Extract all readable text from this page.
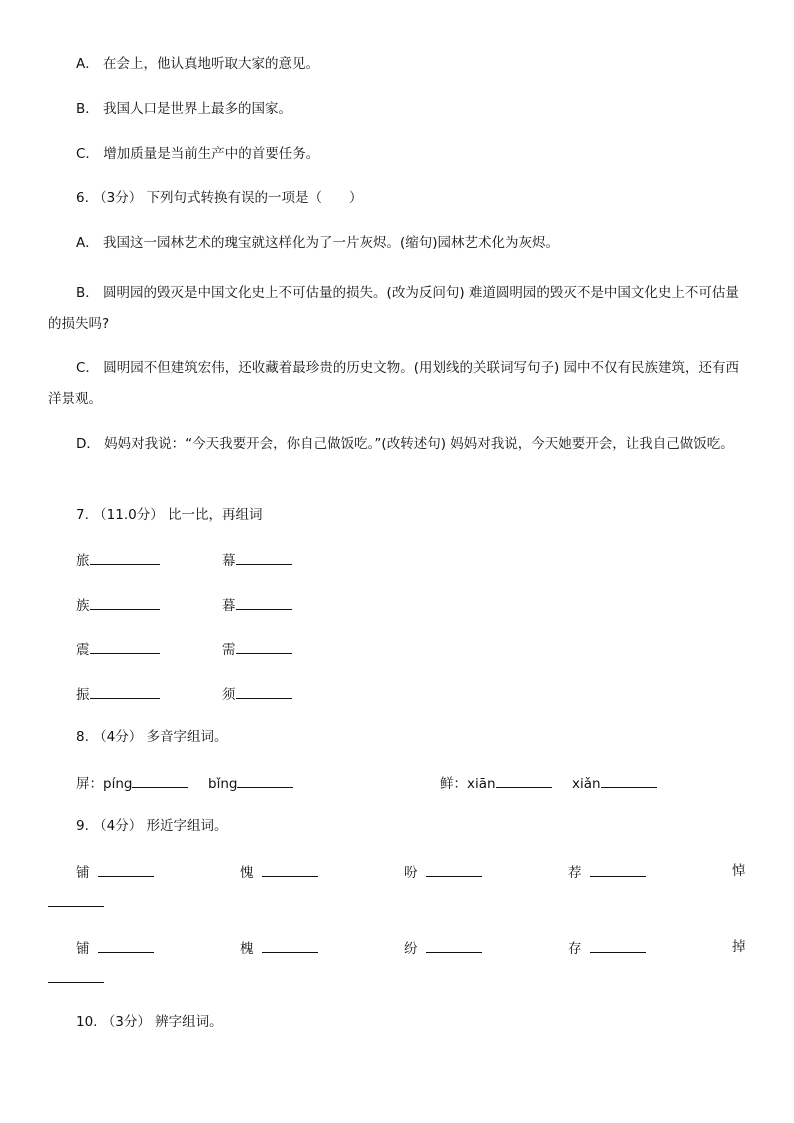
A． 在会上，他认真地听取大家的意见。
B． 我国人口是世界上最多的国家。
C． 增加质量是当前生产中的首要任务。
6. （3分） 下列句式转换有误的一项是（　　）
A． 我国这一园林艺术的瑰宝就这样化为了一片灰烬。(缩句)园林艺术化为灰烬。
B． 圆明园的毁灭是中国文化史上不可估量的损失。(改为反问句) 难道圆明园的毁灭不是中国文化史上不可估量的损失吗?
C． 圆明园不但建筑宏伟，还收藏着最珍贵的历史文物。(用划线的关联词写句子) 园中不仅有民族建筑，还有西洋景观。
D． 妈妈对我说：“今天我要开会，你自己做饭吃。”(改转述句) 妈妈对我说，今天她要开会，让我自己做饭吃。
7. （11.0分） 比一比，再组词
旅	幕
族	暮
震	需
振	须
8. （4分） 多音字组词。
屏：píng	bǐng	鲜：xiān	xiǎn
9. （4分） 形近字组词。
铺	愧	吩	荐	悼
铺	槐	纷	存	掉
10. （3分） 辨字组词。
